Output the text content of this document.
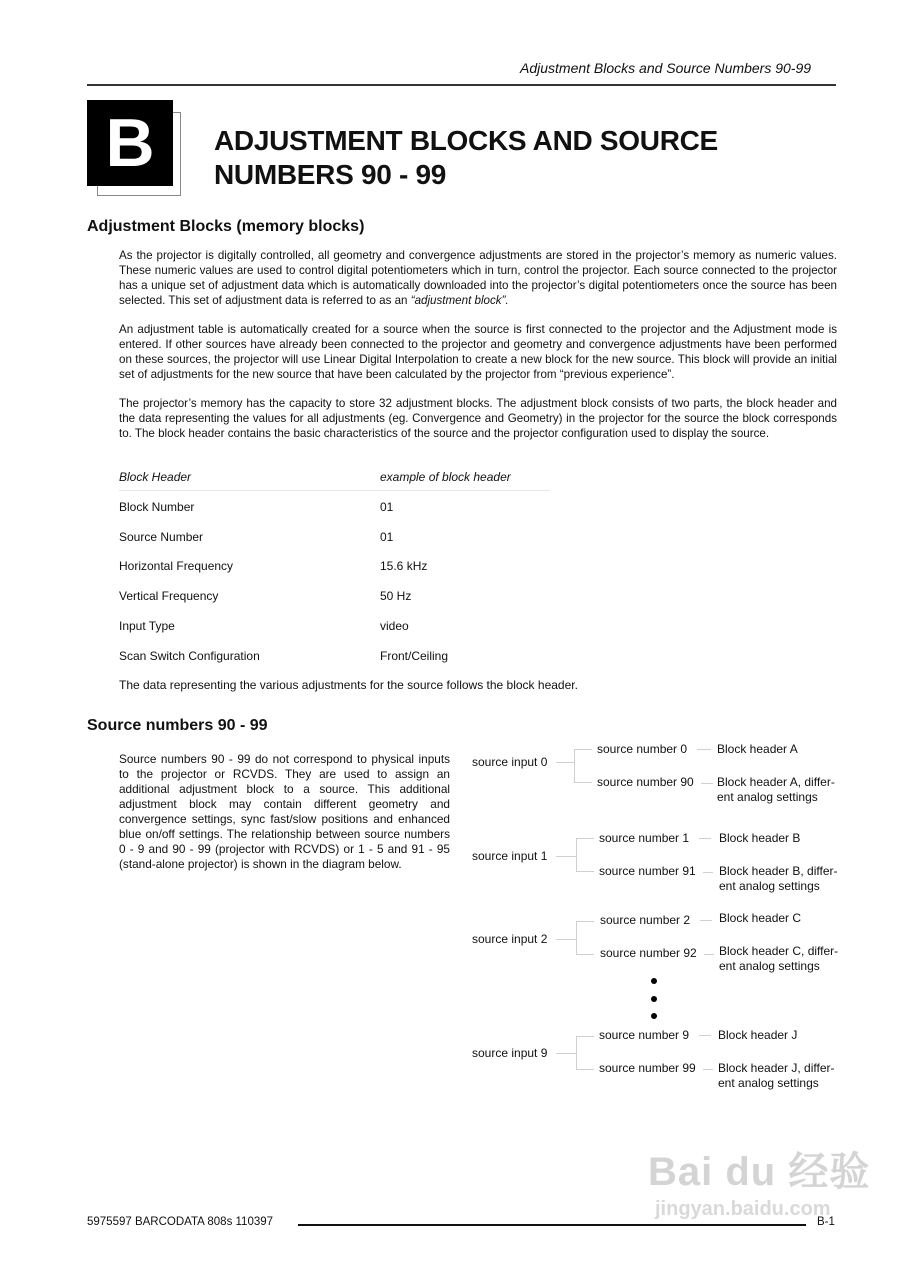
Adjustment Blocks and Source Numbers 90-99
B	ADJUSTMENT BLOCKS AND SOURCE
NUMBERS 90 - 99
Adjustment Blocks (memory blocks)
As the projector is digitally controlled, all geometry and convergence adjustments are stored in the projector’s memory as numeric values. These numeric values are used to control digital potentiometers which in turn, control the projector. Each source connected to the projector has a unique set of adjustment data which is automatically downloaded into the projector’s digital potentiometers once the source has been selected. This set of adjustment data is referred to as an “adjustment block”.
An adjustment table is automatically created for a source when the source is first connected to the projector and the Adjustment mode is entered. If other sources have already been connected to the projector and geometry and convergence adjustments have been performed on these sources, the projector will use Linear Digital Interpolation to create a new block for the new source. This block will provide an initial set of adjustments for the new source that have been calculated by the projector from “previous experience”.
The projector’s memory has the capacity to store 32 adjustment blocks. The adjustment block consists of two parts, the block header and the data representing the values for all adjustments (eg. Convergence and Geometry) in the projector for the source the block corresponds to. The block header contains the basic characteristics of the source and the projector configuration used to display the source.
Block Header	example of block header
Block Number	01
Source Number	01
Horizontal Frequency	15.6 kHz
Vertical Frequency	50 Hz
Input Type	video
Scan Switch Configuration	Front/Ceiling
The data representing the various adjustments for the source follows the block header.
Source numbers 90 - 99
Source numbers 90 - 99 do not correspond to physical inputs to the projector or RCVDS. They are used to assign an additional adjustment block to a source. This additional adjustment block may contain different geometry and convergence settings, sync fast/slow positions and enhanced blue on/off settings. The relationship between source numbers 0 - 9 and 90 - 99 (projector with RCVDS) or 1 - 5 and 91 - 95 (stand-alone projector) is shown in the diagram below.
source input 0
source number 0 Block header A
source number 90 Block header A, differ-
ent analog settings
source input 1
source number 1 Block header B
source number 91 Block header B, differ-
ent analog settings
source input 2
source number 2 Block header C
source number 92 Block header C, differ-
ent analog settings
source input 9
source number 9 Block header J
source number 99 Block header J, differ-
ent analog settings
Bai du 经验
jingyan.baidu.com
5975597 BARCODATA 808s 110397	B-1
